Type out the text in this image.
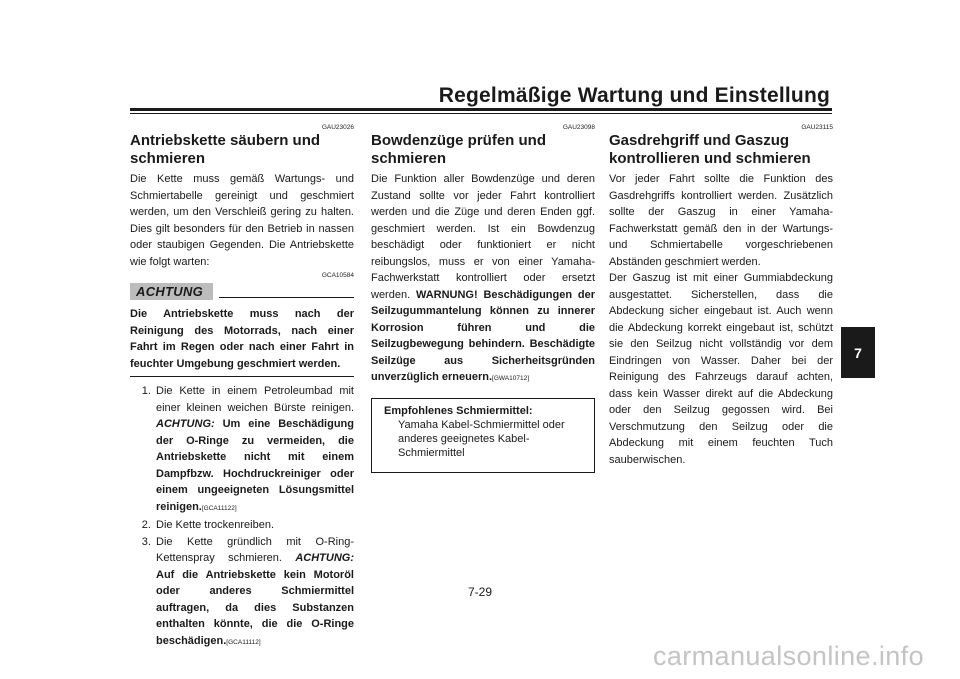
Regelmäßige Wartung und Einstellung
GAU23026
Antriebskette säubern und schmieren

Die Kette muss gemäß Wartungs- und Schmiertabelle gereinigt und geschmiert werden, um den Verschleiß gering zu halten. Dies gilt besonders für den Betrieb in nassen oder staubigen Gegenden. Die Antriebskette wie folgt warten:

GCA10584
ACHTUNG
Die Antriebskette muss nach der Reinigung des Motorrads, nach einer Fahrt im Regen oder nach einer Fahrt in feuchter Umgebung geschmiert werden.
1. Die Kette in einem Petroleumbad mit einer kleinen weichen Bürste reinigen. ACHTUNG: Um eine Beschädigung der O-Ringe zu vermeiden, die Antriebskette nicht mit einem Dampfbzw. Hochdruckreiniger oder einem ungeeigneten Lösungsmittel reinigen.[GCA11122]
2. Die Kette trockenreiben.
3. Die Kette gründlich mit O-Ring-Kettenspray schmieren. ACHTUNG: Auf die Antriebskette kein Motoröl oder anderes Schmiermittel auftragen, da dies Substanzen enthalten könnte, die die O-Ringe beschädigen.[GCA11112]
GAU23098
Bowdenzüge prüfen und schmieren

Die Funktion aller Bowdenzüge und deren Zustand sollte vor jeder Fahrt kontrolliert werden und die Züge und deren Enden ggf. geschmiert werden. Ist ein Bowdenzug beschädigt oder funktioniert er nicht reibungslos, muss er von einer Yamaha-Fachwerkstatt kontrolliert oder ersetzt werden. WARNUNG! Beschädigungen der Seilzugummantelung können zu innerer Korrosion führen und die Seilzugbewegung behindern. Beschädigte Seilzüge aus Sicherheitsgründen unverzüglich erneuern.[GWA10712]

Empfohlenes Schmiermittel:
Yamaha Kabel-Schmiermittel oder anderes geeignetes Kabel-Schmiermittel
GAU23115
Gasdrehgriff und Gaszug kontrollieren und schmieren

Vor jeder Fahrt sollte die Funktion des Gasdrehgriffs kontrolliert werden. Zusätzlich sollte der Gaszug in einer Yamaha-Fachwerkstatt gemäß den in der Wartungs- und Schmiertabelle vorgeschriebenen Abständen geschmiert werden.

Der Gaszug ist mit einer Gummiabdeckung ausgestattet. Sicherstellen, dass die Abdeckung sicher eingebaut ist. Auch wenn die Abdeckung korrekt eingebaut ist, schützt sie den Seilzug nicht vollständig vor dem Eindringen von Wasser. Daher bei der Reinigung des Fahrzeugs darauf achten, dass kein Wasser direkt auf die Abdeckung oder den Seilzug gegossen wird. Bei Verschmutzung den Seilzug oder die Abdeckung mit einem feuchten Tuch sauberwischen.

7
7-29
carmanualsonline.info
